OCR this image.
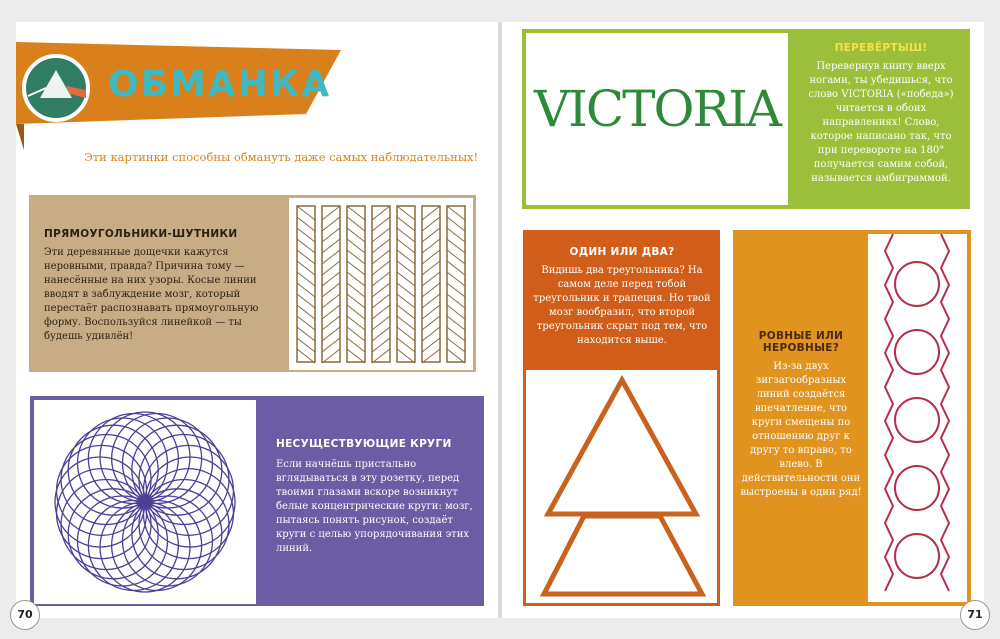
ОБМАНКА
Эти картинки способны обмануть даже самых наблюдательных!
ПРЯМОУГОЛЬНИКИ-ШУТНИКИ
Эти деревянные дощечки кажутся неровными, правда? Причина тому — нанесённые на них узоры. Косые линии вводят в заблуждение мозг, который перестаёт распознавать прямоугольную форму. Воспользуйся линейкой — ты будешь удивлён!
НЕСУЩЕСТВУЮЩИЕ КРУГИ
Если начнёшь пристально вглядываться в эту розетку, перед твоими глазами вскоре возникнут белые концентрические круги: мозг, пытаясь понять рисунок, создаёт круги с целью упорядочивания этих линий.
VICTORIA
ПЕРЕВЁРТЫШ!
Перевернув книгу вверх ногами, ты убедишься, что слово VICTORIA («победа») читается в обоих направлениях! Слово, которое написано так, что при перевороте на 180° получается самим собой, называется амбиграммой.
ОДИН ИЛИ ДВА?
Видишь два треугольника? На самом деле перед тобой треугольник и трапеция. Но твой мозг вообразил, что второй треугольник скрыт под тем, что находится выше.	РОВНЫЕ ИЛИ НЕРОВНЫЕ?
Из-за двух зигзагообразных линий создаётся впечатление, что круги смещены по отношению друг к другу то вправо, то влево. В действительности они выстроены в один ряд!
70	71
